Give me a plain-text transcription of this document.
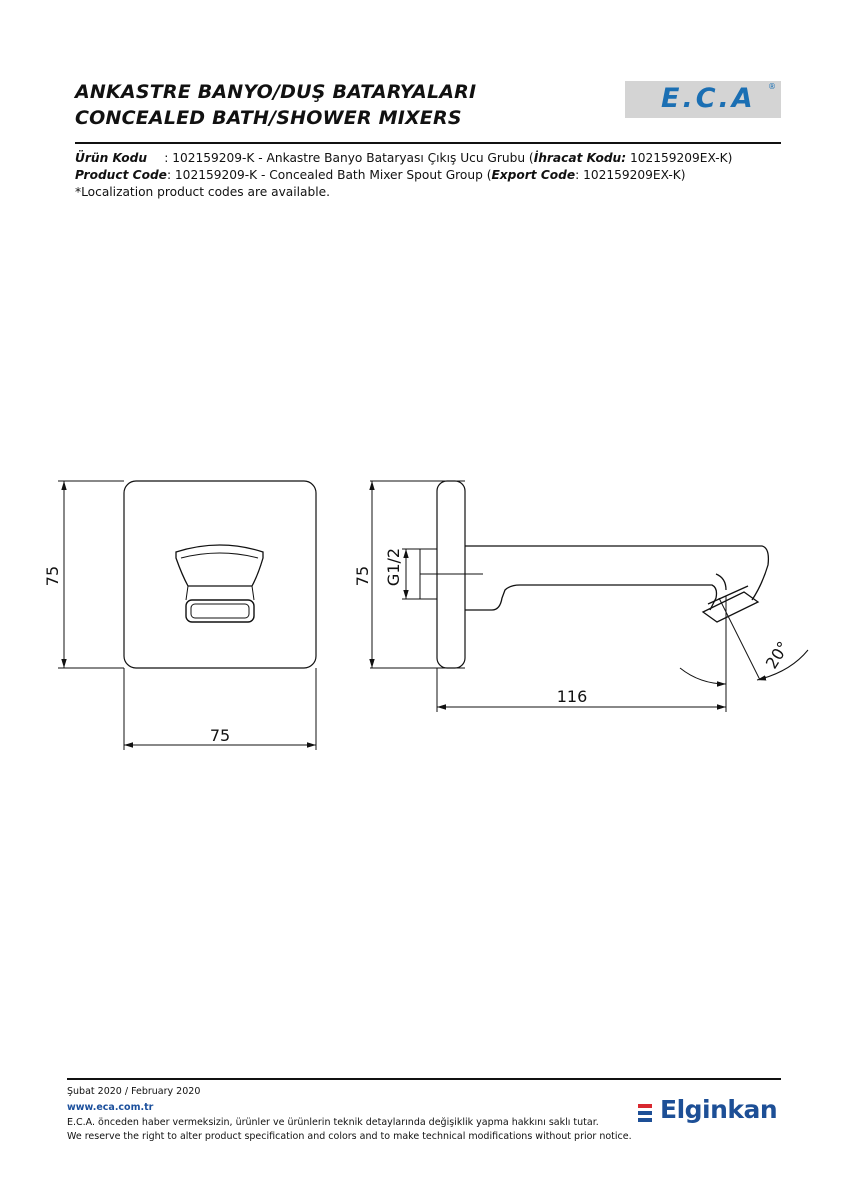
ANKASTRE BANYO/DUŞ BATARYALARI
CONCEALED BATH/SHOWER MIXERS
E.C.A ®
Ürün Kodu      : 102159209-K - Ankastre Banyo Bataryası Çıkış Ucu Grubu (İhracat Kodu: 102159209EX-K)
Product Code: 102159209-K - Concealed Bath Mixer Spout Group (Export Code: 102159209EX-K)
*Localization product codes are available.
75
75
75 G1/2
116
20°
Şubat 2020 / February 2020
www.eca.com.tr
E.C.A. önceden haber vermeksizin, ürünler ve ürünlerin teknik detaylarında değişiklik yapma hakkını saklı tutar.
We reserve the right to alter product specification and colors and to make technical modifications without prior notice.
Elginkan
